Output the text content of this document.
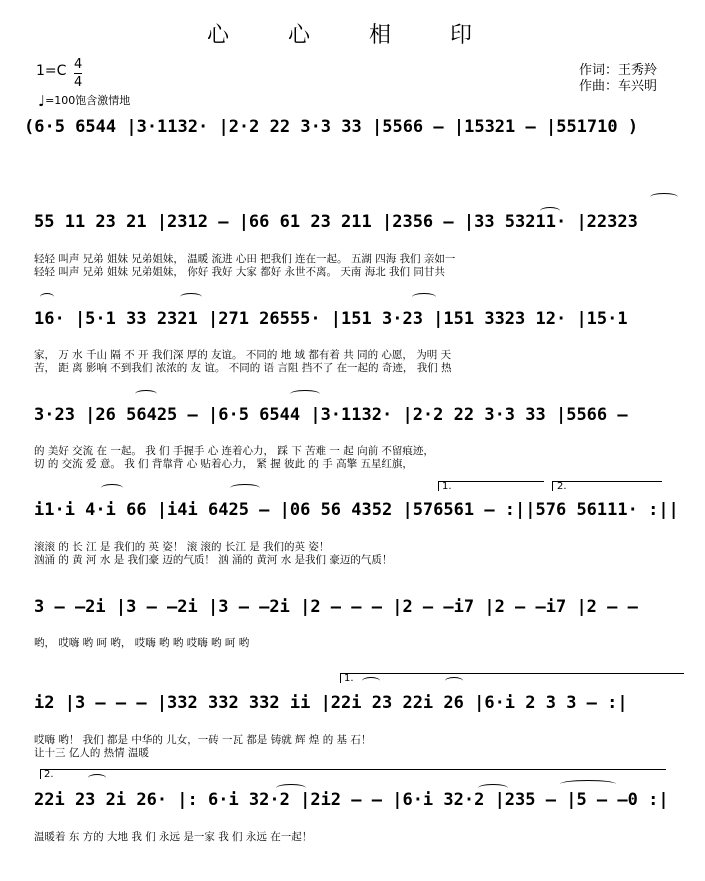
心 心 相 印
1=C 4
4
♩=100饱含激情地
作词：王秀羚
作曲：车兴明
(6·5 6544 |3·1132· |2·2 22 3·3 33 |5566 – |15321 – |551710 )
55 11 23 21 |2312 – |66 61 23 211 |2356 – |33 53211· |22323
轻轻 叫声 兄弟 姐妹 兄弟姐妹， 温暖 流进 心田 把我们 连在一起。 五湖 四海 我们 亲如一
轻轻 叫声 兄弟 姐妹 兄弟姐妹， 你好 我好 大家 都好 永世不离。 天南 海北 我们 同甘共
16· |5·1 33 2321 |271 26555· |151 3·23 |151 3323 12· |15·1
家， 万 水 千山 隔 不 开 我们深 厚的 友谊。 不同的 地 域 都有着 共 同的 心愿， 为明 天
苦， 距 离 影响 不到我们 浓浓的 友 谊。 不同的 语 言阻 挡不了 在一起的 奇迹， 我们 热
3·23 |26 56425 – |6·5 6544 |3·1132· |2·2 22 3·3 33 |5566 –
的 美好 交流 在 一起。 我 们 手握手 心 连着心力， 踩 下 苦难 一 起 向前 不留痕迹，
切 的 交流 爱 意。 我 们 背靠背 心 贴着心力， 紧 握 彼此 的 手 高擎 五星红旗，
1.	2.
i1·i 4·i 66 |i4i 6425 – |06 56 4352 |576561 – :||576 56111· :||
滚滚 的 长 江 是 我们的 英 姿！ 滚 滚的 长江 是 我们的英 姿！
汹涌 的 黄 河 水 是 我们豪 迈的气质！ 汹 涌的 黄河 水 是我们 豪迈的气质！
3 – –2i |3 – –2i |3 – –2i |2 – – – |2 – –i7 |2 – –i7 |2 – –
哟， 哎嗨 哟 呵 哟， 哎嗨 哟 哟 哎嗨 哟 呵 哟
1.
i2 |3 – – – |332 332 332 ii |22i 23 22i 26 |6·i 2 3 3 – :|
哎嗨 哟！ 我们 都是 中华的 儿女，一砖 一瓦 都是 铸就 辉 煌 的 基 石！
让十三 亿人的 热情 温暖
2.
22i 23 2i 26· |: 6·i 32·2 |2i2 – – |6·i 32·2 |235 – |5 – –0 :|
温暖着 东 方的 大地 我 们 永远 是一家 我 们 永远 在一起！
